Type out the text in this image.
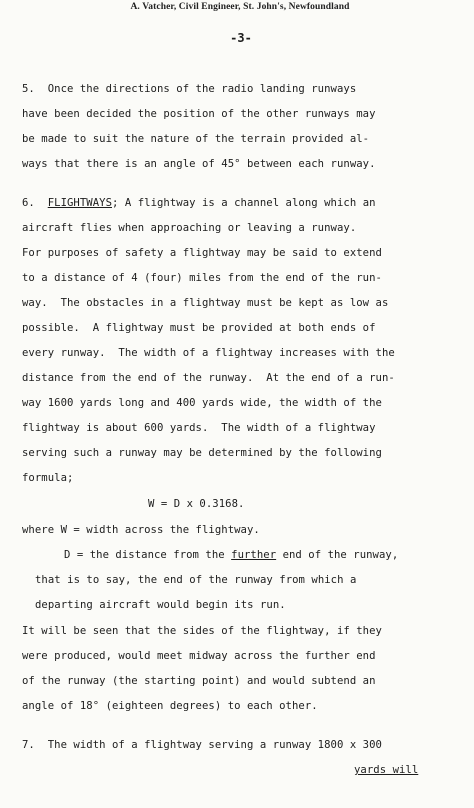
A. Vatcher, Civil Engineer, St. John's, Newfoundland
-3-
5.  Once the directions of the radio landing runways
have been decided the position of the other runways may
be made to suit the nature of the terrain provided al-
ways that there is an angle of 45° between each runway.
6.  FLIGHTWAYS; A flightway is a channel along which an
aircraft flies when approaching or leaving a runway.
For purposes of safety a flightway may be said to extend
to a distance of 4 (four) miles from the end of the run-
way.  The obstacles in a flightway must be kept as low as
possible.  A flightway must be provided at both ends of
every runway.  The width of a flightway increases with the
distance from the end of the runway.  At the end of a run-
way 1600 yards long and 400 yards wide, the width of the
flightway is about 600 yards.  The width of a flightway
serving such a runway may be determined by the following
formula;
W = D x 0.3168.
where W = width across the flightway.
D = the distance from the further end of the runway,
that is to say, the end of the runway from which a
departing aircraft would begin its run.
It will be seen that the sides of the flightway, if they
were produced, would meet midway across the further end
of the runway (the starting point) and would subtend an
angle of 18° (eighteen degrees) to each other.
7.  The width of a flightway serving a runway 1800 x 300
yards will
